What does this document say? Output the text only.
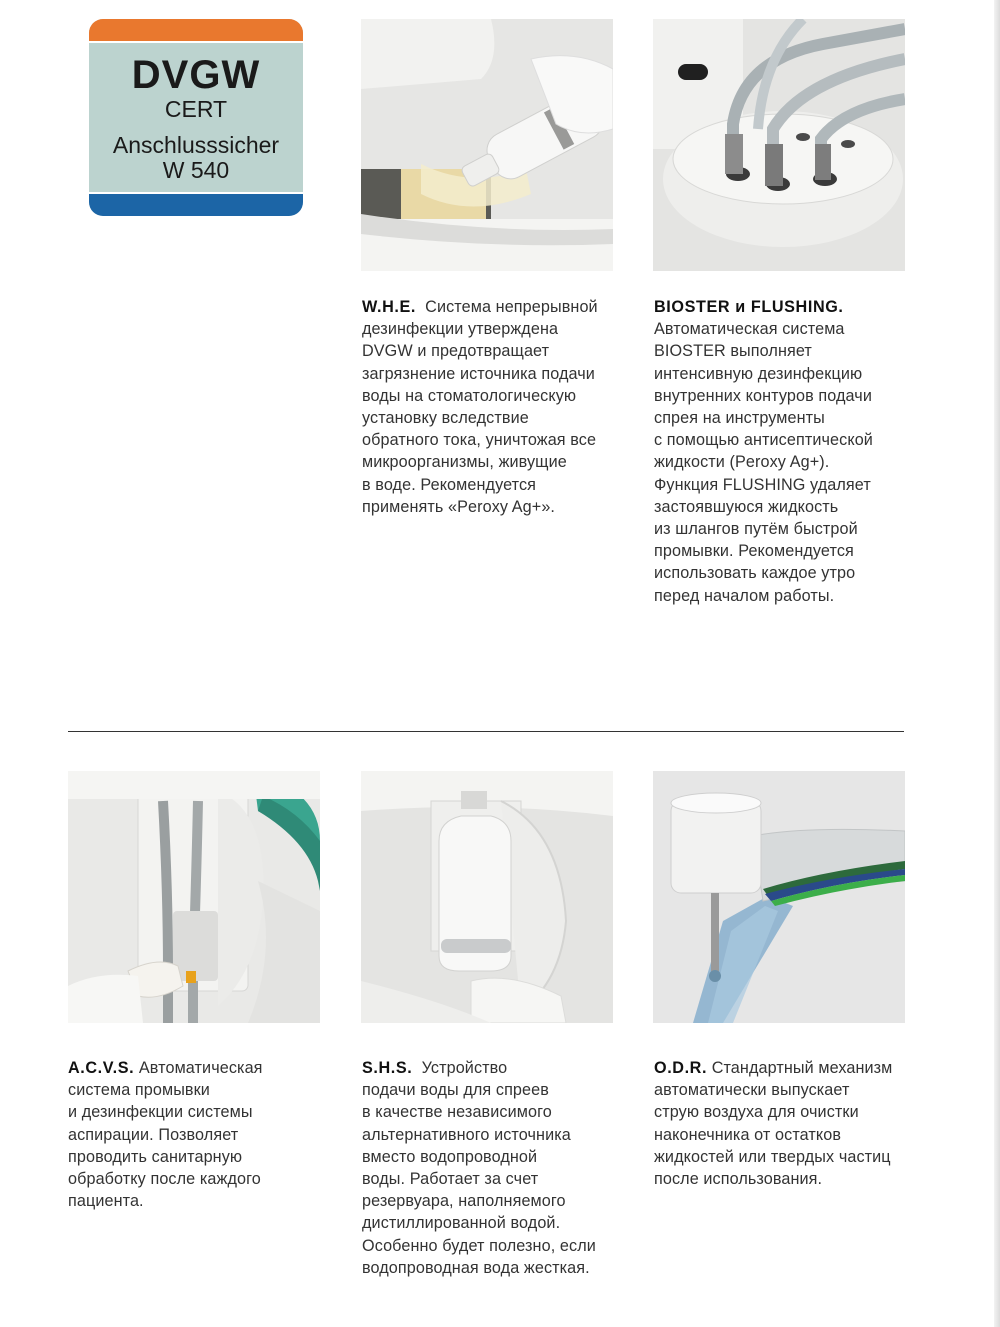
DVGW
CERT
Anschlusssicher
W 540
W.H.E. Система непрерывной
дезинфекции утверждена
DVGW и предотвращает
загрязнение источника подачи
воды на стоматологическую
установку вследствие
обратного тока, уничтожая все
микроорганизмы, живущие
в воде. Рекомендуется
применять «Peroxy Ag+».
BIOSTER и FLUSHING.
Автоматическая система
BIOSTER выполняет
интенсивную дезинфекцию
внутренних контуров подачи
спрея на инструменты
с помощью антисептической
жидкости (Peroxy Ag+).
Функция FLUSHING удаляет
застоявшуюся жидкость
из шлангов путём быстрой
промывки. Рекомендуется
использовать каждое утро
перед началом работы.
A.C.V.S. Автоматическая
система промывки
и дезинфекции системы
аспирации. Позволяет
проводить санитарную
обработку после каждого
пациента.
S.H.S. Устройство
подачи воды для спреев
в качестве независимого
альтернативного источника
вместо водопроводной
воды. Работает за счет
резервуара, наполняемого
дистиллированной водой.
Особенно будет полезно, если
водопроводная вода жесткая.
O.D.R. Стандартный механизм
автоматически выпускает
струю воздуха для очистки
наконечника от остатков
жидкостей или твердых частиц
после использования.
